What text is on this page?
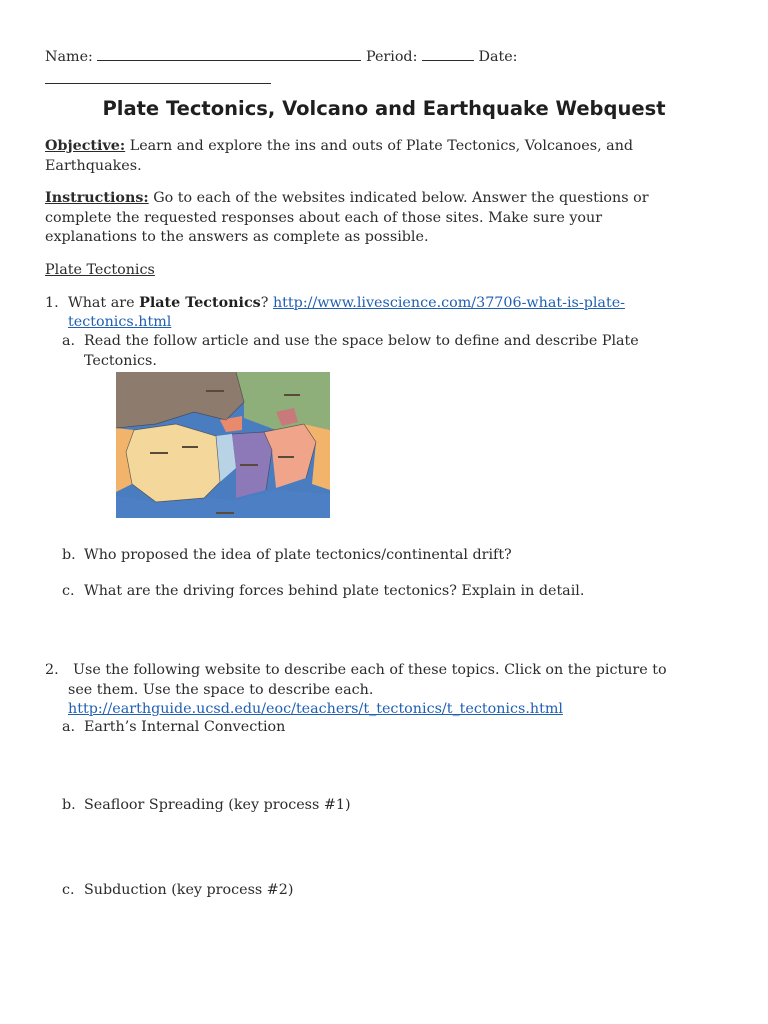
Name:	Period:	Date:
Plate Tectonics, Volcano and Earthquake Webquest
Objective: Learn and explore the ins and outs of Plate Tectonics, Volcanoes, and
Earthquakes.
Instructions: Go to each of the websites indicated below. Answer the questions or
complete the requested responses about each of those sites. Make sure your
explanations to the answers as complete as possible.
Plate Tectonics
1. What are Plate Tectonics? http://www.livescience.com/37706-what-is-plate-
tectonics.html
a. Read the follow article and use the space below to define and describe Plate
Tectonics.
b. Who proposed the idea of plate tectonics/continental drift?
c. What are the driving forces behind plate tectonics? Explain in detail.
2. Use the following website to describe each of these topics. Click on the picture to
see them. Use the space to describe each.
http://earthguide.ucsd.edu/eoc/teachers/t_tectonics/t_tectonics.html
a. Earth’s Internal Convection
b. Seafloor Spreading (key process #1)
c. Subduction (key process #2)
